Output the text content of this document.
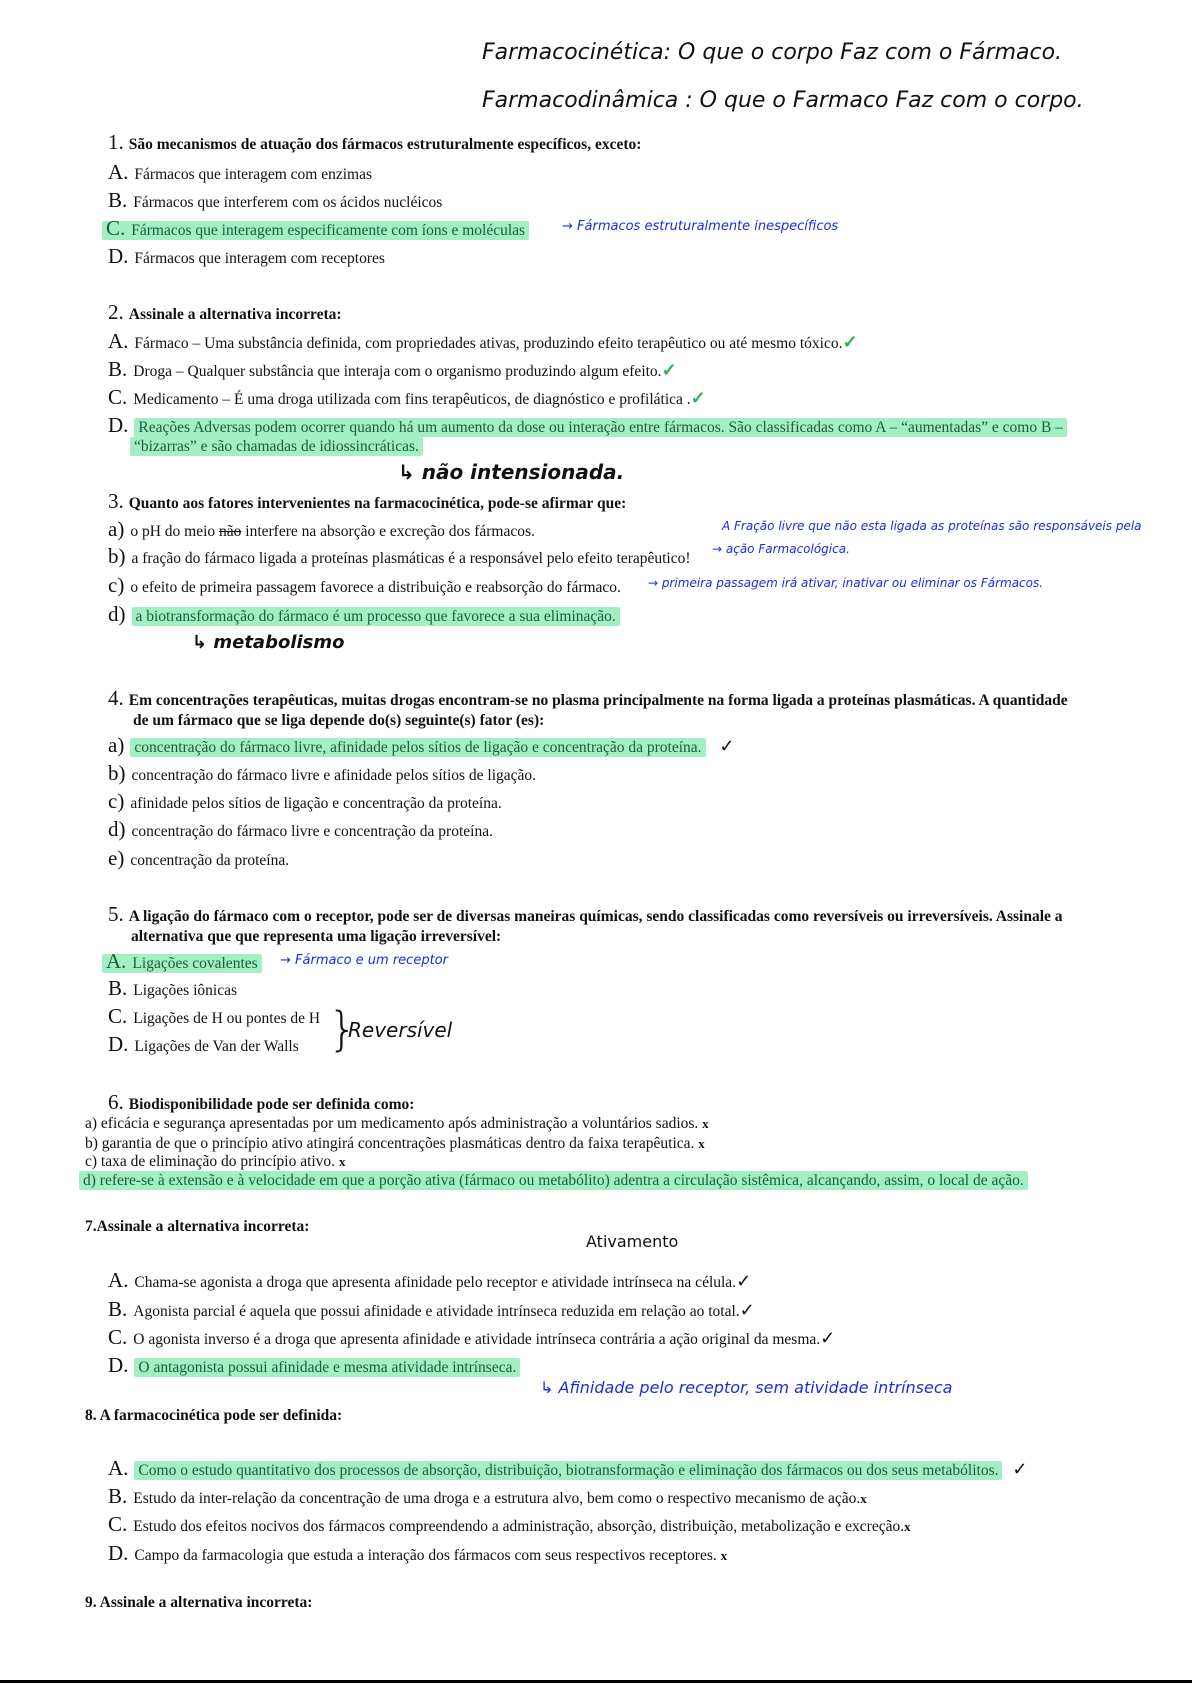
Farmacocinética: O que o corpo Faz com o Fármaco.
Farmacodinâmica : O que o Farmaco Faz com o corpo.
1. São mecanismos de atuação dos fármacos estruturalmente específicos, exceto:
A. Fármacos que interagem com enzimas
B. Fármacos que interferem com os ácidos nucléicos
C. Fármacos que interagem especificamente com íons e moléculas	→ Fármacos estruturalmente inespecíficos
D. Fármacos que interagem com receptores
2. Assinale a alternativa incorreta:
A. Fármaco – Uma substância definida, com propriedades ativas, produzindo efeito terapêutico ou até mesmo tóxico.✓
B. Droga – Qualquer substância que interaja com o organismo produzindo algum efeito.✓
C. Medicamento – É uma droga utilizada com fins terapêuticos, de diagnóstico e profilática .✓
D. Reações Adversas podem ocorrer quando há um aumento da dose ou interação entre fármacos. São classificadas como A – “aumentadas” e como B –
“bizarras” e são chamadas de idiossincráticas.
↳ não intensionada.
3. Quanto aos fatores intervenientes na farmacocinética, pode-se afirmar que:
a) o pH do meio não interfere na absorção e excreção dos fármacos.
b) a fração do fármaco ligada a proteínas plasmáticas é a responsável pelo efeito terapêutico!
A Fração livre que não esta ligada as proteínas são responsáveis pela
→ ação Farmacológica.
c) o efeito de primeira passagem favorece a distribuição e reabsorção do fármaco. → primeira passagem irá ativar, inativar ou eliminar os Fármacos.
d) a biotransformação do fármaco é um processo que favorece a sua eliminação.
↳ metabolismo
4. Em concentrações terapêuticas, muitas drogas encontram-se no plasma principalmente na forma ligada a proteínas plasmáticas. A quantidade
de um fármaco que se liga depende do(s) seguinte(s) fator (es):
a) concentração do fármaco livre, afinidade pelos sítios de ligação e concentração da proteína. ✓
b) concentração do fármaco livre e afinidade pelos sítios de ligação.
c) afinidade pelos sítios de ligação e concentração da proteína.
d) concentração do fármaco livre e concentração da proteína.
e) concentração da proteína.
5. A ligação do fármaco com o receptor, pode ser de diversas maneiras químicas, sendo classificadas como reversíveis ou irreversíveis. Assinale a
alternativa que que representa uma ligação irreversível:
A. Ligações covalentes	→ Fármaco e um receptor
B. Ligações iônicas
C. Ligações de H ou pontes de H
D. Ligações de Van der Walls }
Reversível
6. Biodisponibilidade pode ser definida como:
a) eficácia e segurança apresentadas por um medicamento após administração a voluntários sadios. x
b) garantia de que o princípio ativo atingirá concentrações plasmáticas dentro da faixa terapêutica. x
c) taxa de eliminação do princípio ativo. x
d) refere-se à extensão e à velocidade em que a porção ativa (fármaco ou metabólito) adentra a circulação sistêmica, alcançando, assim, o local de ação.
7.Assinale a alternativa incorreta:
Ativamento
A. Chama-se agonista a droga que apresenta afinidade pelo receptor e atividade intrínseca na célula.✓
B. Agonista parcial é aquela que possui afinidade e atividade intrínseca reduzida em relação ao total.✓
C. O agonista inverso é a droga que apresenta afinidade e atividade intrínseca contrária a ação original da mesma.✓
D. O antagonista possui afinidade e mesma atividade intrínseca.
↳ Afinidade pelo receptor, sem atividade intrínseca
8. A farmacocinética pode ser definida:
A. Como o estudo quantitativo dos processos de absorção, distribuição, biotransformação e eliminação dos fármacos ou dos seus metabólitos. ✓
B. Estudo da inter-relação da concentração de uma droga e a estrutura alvo, bem como o respectivo mecanismo de ação.x
C. Estudo dos efeitos nocivos dos fármacos compreendendo a administração, absorção, distribuição, metabolização e excreção.x
D. Campo da farmacologia que estuda a interação dos fármacos com seus respectivos receptores. x
9. Assinale a alternativa incorreta:
